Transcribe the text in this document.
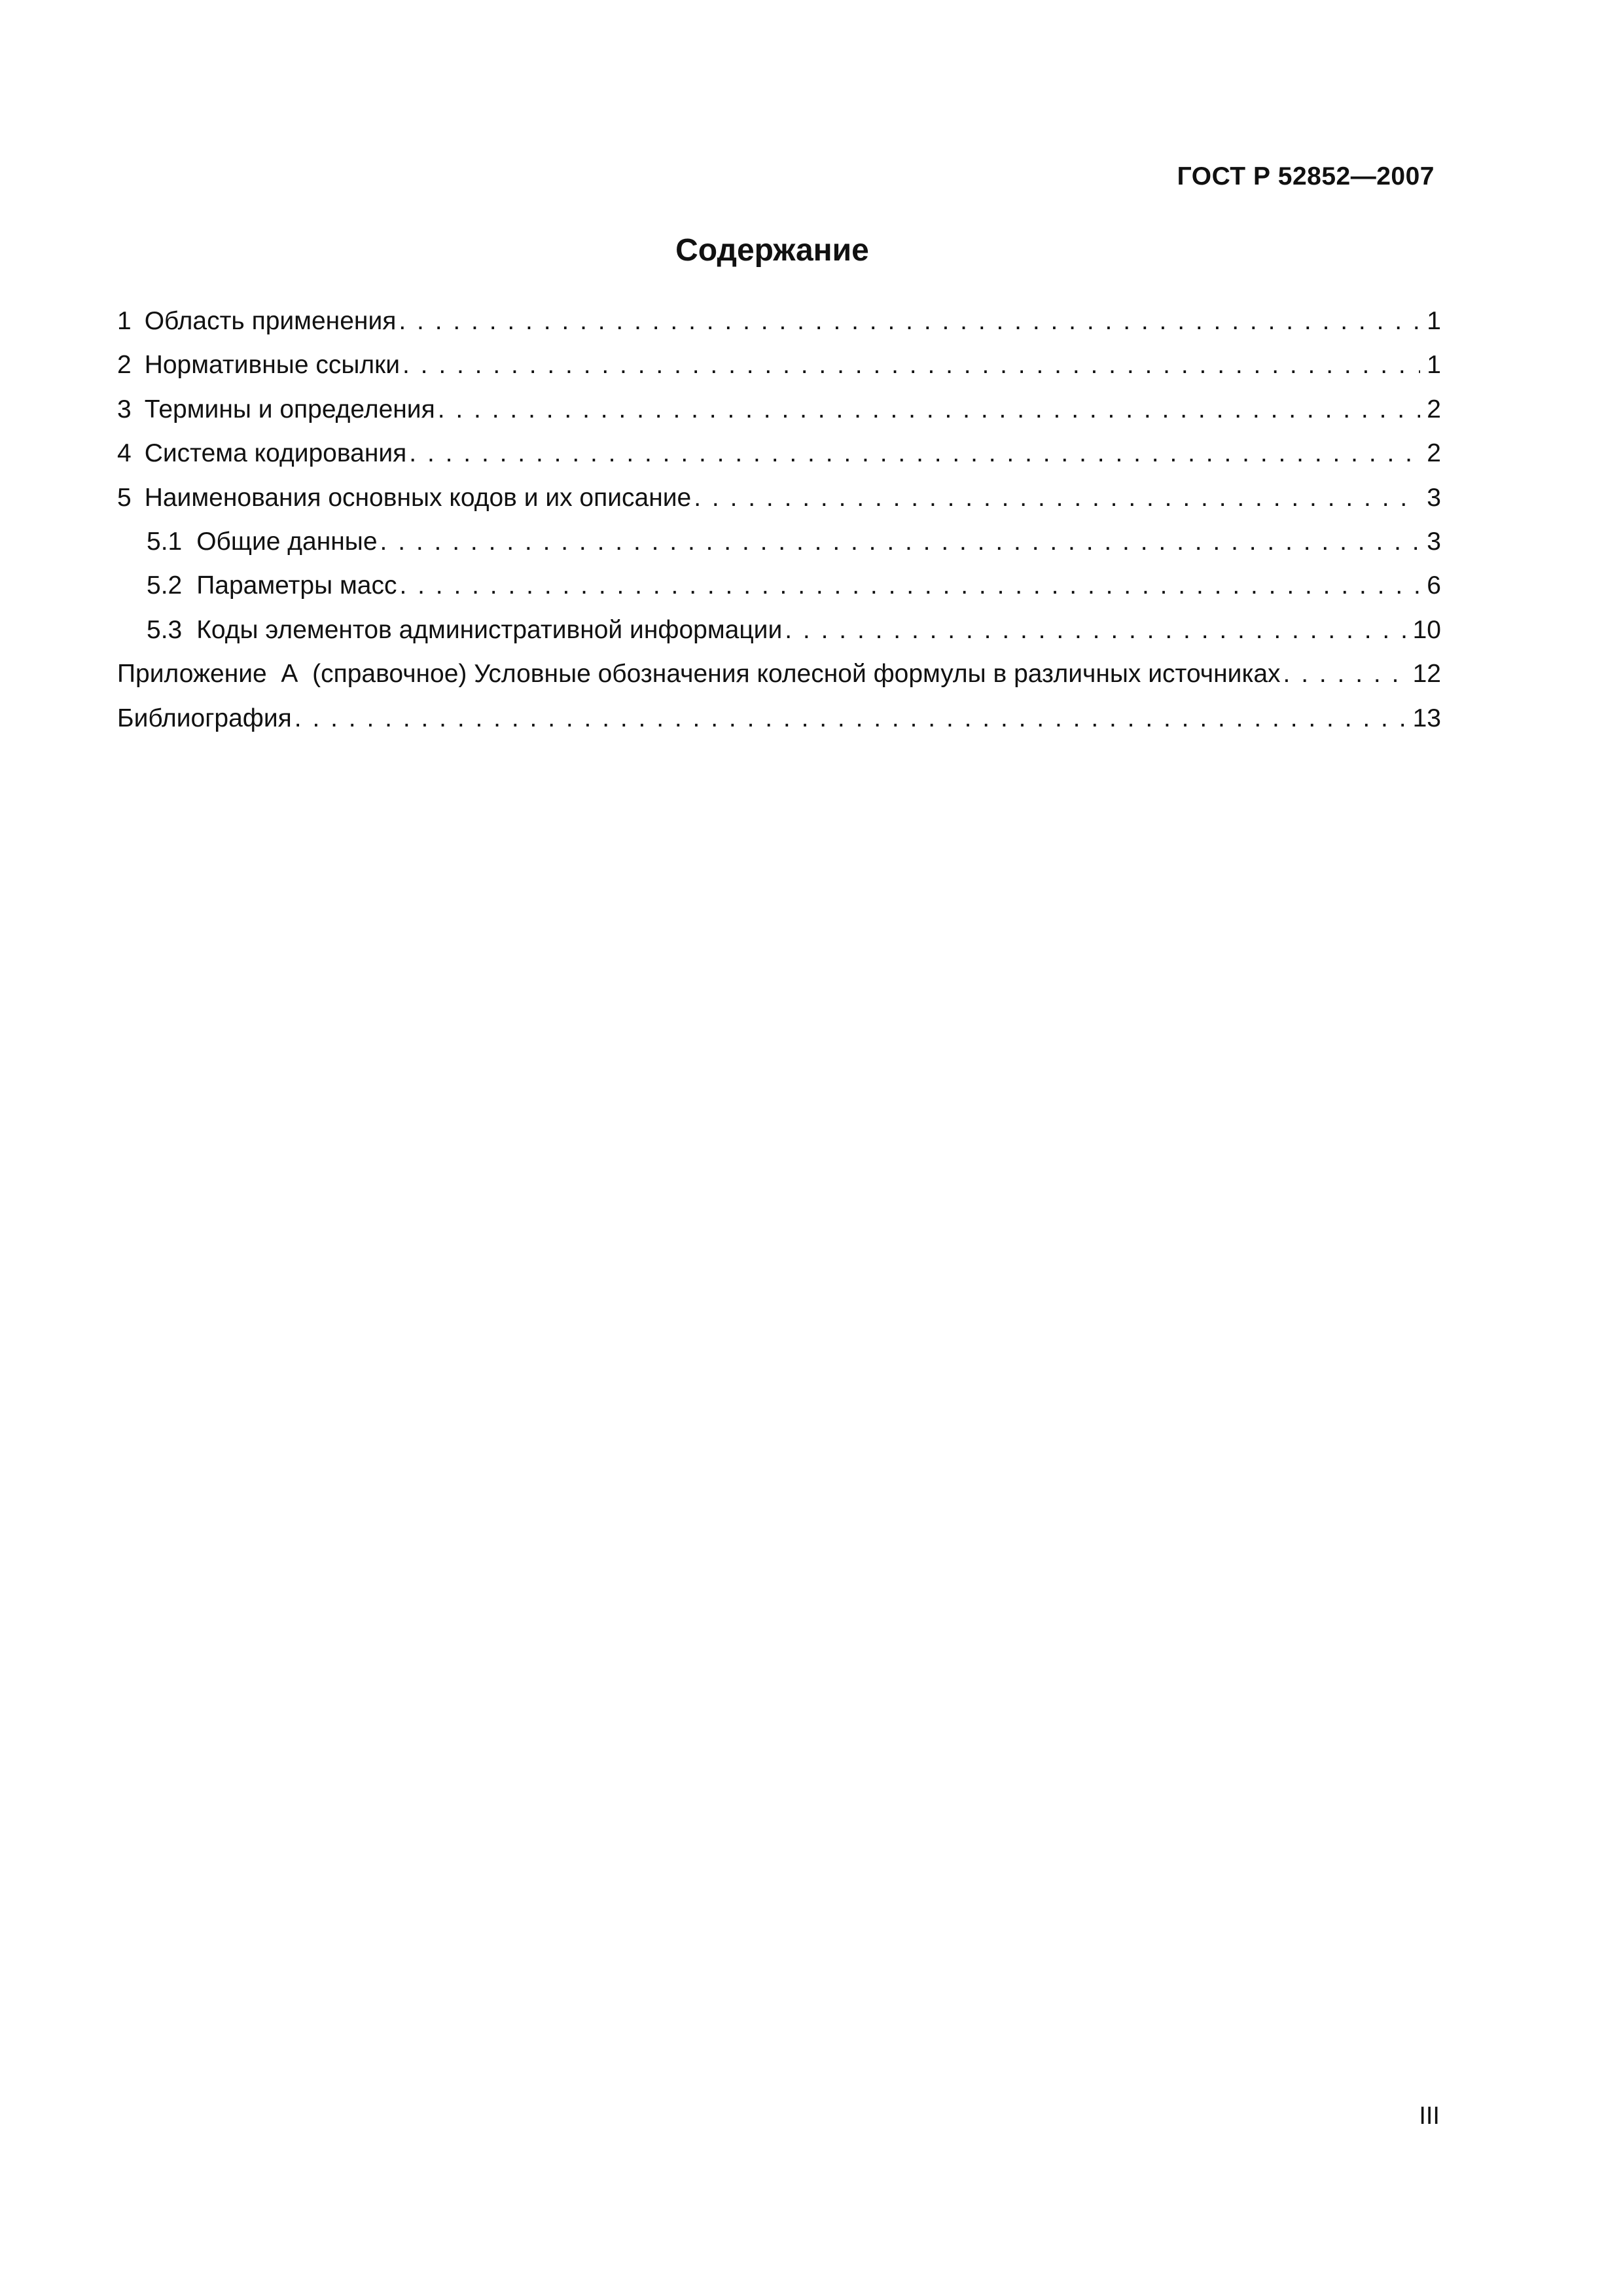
ГОСТ Р 52852—2007
Содержание
1 Область применения . . .	1
2 Нормативные ссылки . . .	1
3 Термины и определения . . .	2
4 Система кодирования . . .	2
5 Наименования основных кодов и их описание . . .	3
5.1 Общие данные . . .	3
5.2 Параметры масс . . .	6
5.3 Коды элементов административной информации . . .	10
Приложение  А  (справочное) Условные обозначения колесной формулы в различных источниках . . .	12
Библиография . . .	13
III
